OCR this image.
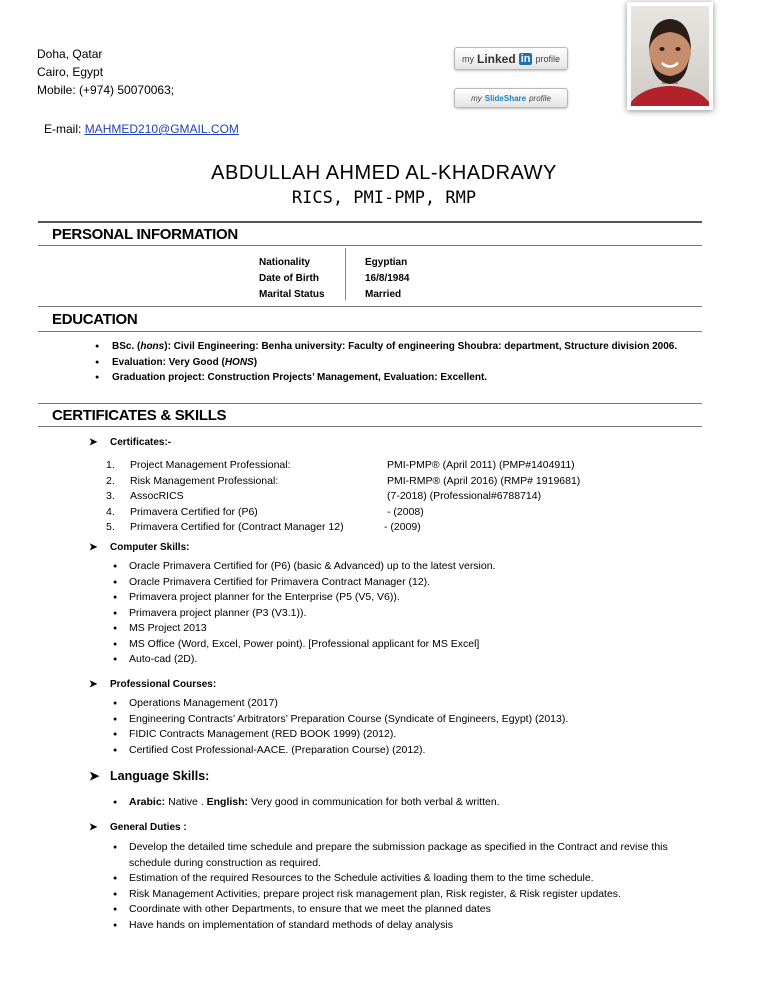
Doha, Qatar
Cairo, Egypt
Mobile: (+974) 50070063;
E-mail: MAHMED210@GMAIL.COM
my Linked in profile
my SlideShare profile
ABDULLAH AHMED AL-KHADRAWY
RICS, PMI-PMP, RMP
PERSONAL INFORMATION
Nationality
Date of Birth
Marital Status
Egyptian
16/8/1984
Married
EDUCATION
● BSc. (hons): Civil Engineering: Benha university: Faculty of engineering Shoubra: department, Structure division 2006.
● Evaluation: Very Good (HONS)
● Graduation project: Construction Projects’ Management, Evaluation: Excellent.
CERTIFICATES & SKILLS
➤ Certificates:-
1. Project Management Professional:
2. Risk Management Professional:
3. AssocRICS
4. Primavera Certified for (P6)
5. Primavera Certified for (Contract Manager 12)
PMI-PMP® (April 2011) (PMP#1404911)
PMI-RMP® (April 2016) (RMP# 1919681)
(7-2018) (Professional#6788714)
- (2008)
- (2009)
➤ Computer Skills:
● Oracle Primavera Certified for (P6) (basic & Advanced) up to the latest version.
● Oracle Primavera Certified for Primavera Contract Manager (12).
● Primavera project planner for the Enterprise (P5 (V5, V6)).
● Primavera project planner (P3 (V3.1)).
● MS Project 2013
● MS Office (Word, Excel, Power point). [Professional applicant for MS Excel]
● Auto-cad (2D).
➤ Professional Courses:
● Operations Management (2017)
● Engineering Contracts’ Arbitrators’ Preparation Course (Syndicate of Engineers, Egypt) (2013).
● FIDIC Contracts Management (RED BOOK 1999) (2012).
● Certified Cost Professional-AACE. (Preparation Course) (2012).
➤ Language Skills:
● Arabic: Native . English: Very good in communication for both verbal & written.
➤ General Duties :
● Develop the detailed time schedule and prepare the submission package as specified in the Contract and revise this schedule during construction as required.
● Estimation of the required Resources to the Schedule activities & loading them to the time schedule.
● Risk Management Activities, prepare project risk management plan, Risk register, & Risk register updates.
● Coordinate with other Departments, to ensure that we meet the planned dates
● Have hands on implementation of standard methods of delay analysis
